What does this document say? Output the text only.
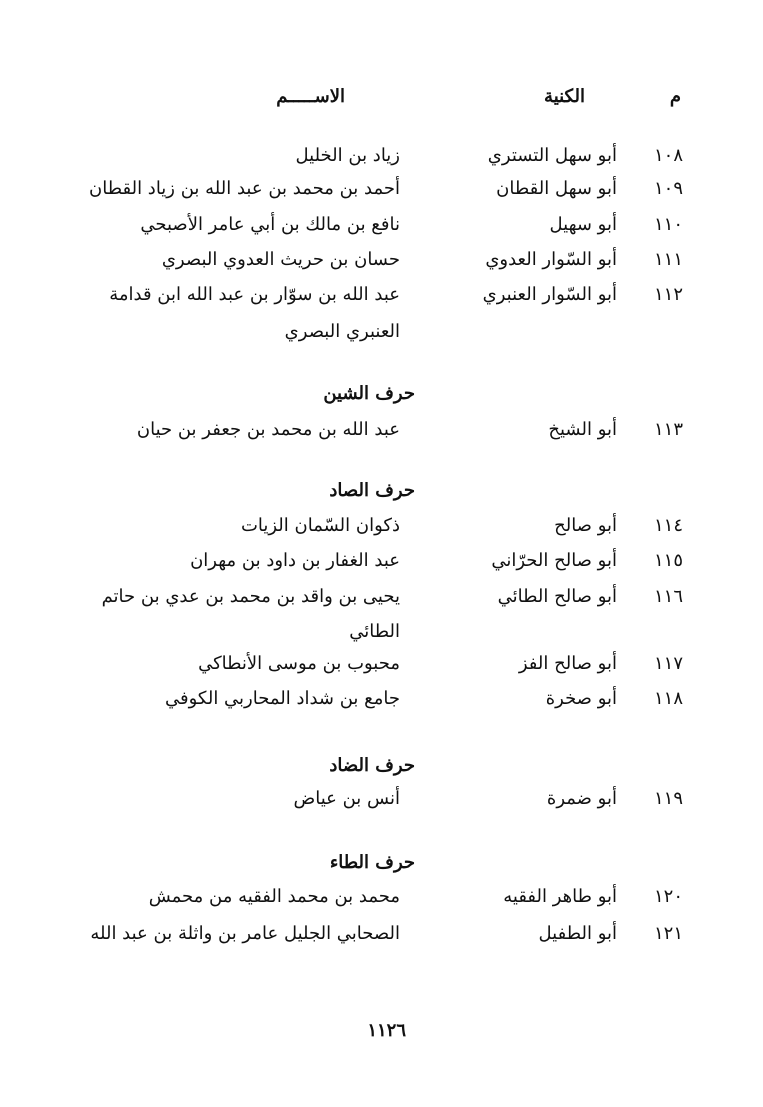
م
الكنية
الاســـــم
١٠٨
أبو سهل التستري
زياد بن الخليل
١٠٩
أبو سهل القطان
أحمد بن محمد بن عبد الله بن زياد القطان
١١٠
أبو سهيل
نافع بن مالك بن أبي عامر الأصبحي
١١١
أبو السّوار العدوي
حسان بن حريث العدوي البصري
١١٢
أبو السّوار العنبري
عبد الله بن سوّار بن عبد الله ابن قدامة
العنبري البصري
حرف الشين
١١٣
أبو الشيخ
عبد الله بن محمد بن جعفر بن حيان
حرف الصاد
١١٤
أبو صالح
ذكوان السّمان الزيات
١١٥
أبو صالح الحرّاني
عبد الغفار بن داود بن مهران
١١٦
أبو صالح الطائي
يحيى بن واقد بن محمد بن عدي بن حاتم
الطائي
١١٧
أبو صالح الفز
محبوب بن موسى الأنطاكي
١١٨
أبو صخرة
جامع بن شداد المحاربي الكوفي
حرف الضاد
١١٩
أبو ضمرة
أنس بن عياض
حرف الطاء
١٢٠
أبو طاهر الفقيه
محمد بن محمد الفقيه من محمش
١٢١
أبو الطفيل
الصحابي الجليل عامر بن واثلة بن عبد الله
١١٢٦
